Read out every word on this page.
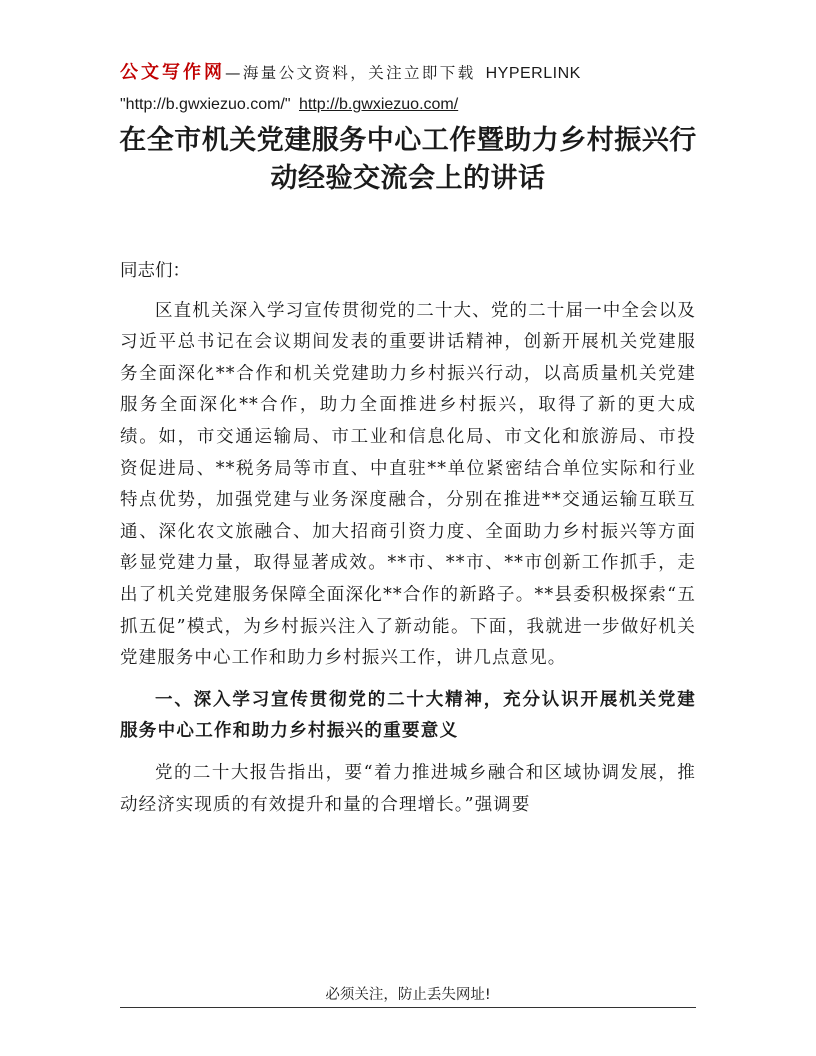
公文写作网 —海量公文资料，关注立即下载 HYPERLINK
"http://b.gwxiezuo.com/" http://b.gwxiezuo.com/
在全市机关党建服务中心工作暨助力乡村振兴行动经验交流会上的讲话

同志们：

区直机关深入学习宣传贯彻党的二十大、党的二十届一中全会以及习近平总书记在会议期间发表的重要讲话精神，创新开展机关党建服务全面深化**合作和机关党建助力乡村振兴行动，以高质量机关党建服务全面深化**合作，助力全面推进乡村振兴，取得了新的更大成绩。如，市交通运输局、市工业和信息化局、市文化和旅游局、市投资促进局、**税务局等市直、中直驻**单位紧密结合单位实际和行业特点优势，加强党建与业务深度融合，分别在推进**交通运输互联互通、深化农文旅融合、加大招商引资力度、全面助力乡村振兴等方面彰显党建力量，取得显著成效。**市、**市、**市创新工作抓手，走出了机关党建服务保障全面深化**合作的新路子。**县委积极探索“五抓五促”模式，为乡村振兴注入了新动能。下面，我就进一步做好机关党建服务中心工作和助力乡村振兴工作，讲几点意见。

一、深入学习宣传贯彻党的二十大精神，充分认识开展机关党建服务中心工作和助力乡村振兴的重要意义

党的二十大报告指出，要“着力推进城乡融合和区域协调发展，推动经济实现质的有效提升和量的合理增长。”强调要

必须关注，防止丢失网址!
